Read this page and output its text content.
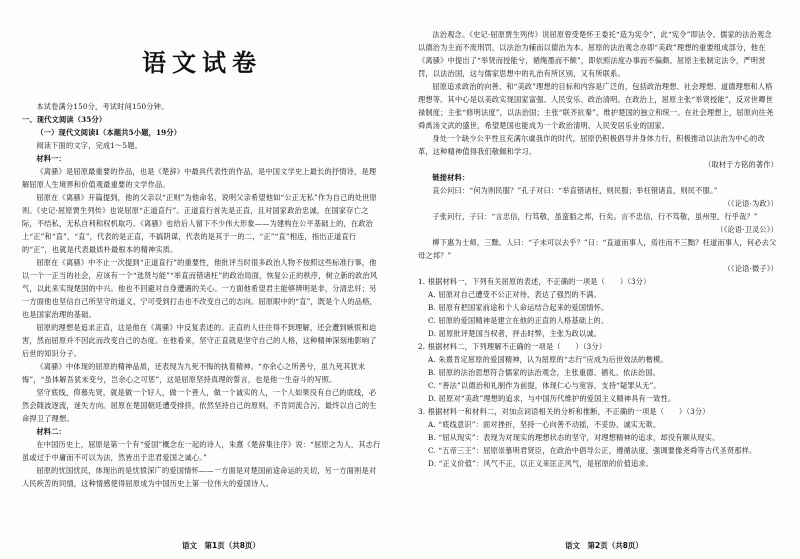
语文试卷

本试卷满分150分，考试时间150分钟。

一、现代文阅读（35分）

（一）现代文阅读Ⅰ（本题共5小题，19分）

阅读下面的文字，完成1～5题。

材料一：

《离骚》是屈原最重要的作品，也是《楚辞》中最具代表性的作品，是中国文学史上最长的抒情诗，是理解屈原人生境界和价值观最重要的文学作品。

屈原在《离骚》开篇提到，他的父亲以“正则”为他命名，说明父亲希望他如“公正无私”作为自己的处世原则。《史记·屈原贾生列传》也说屈原“正道直行”。正道直行首先是正直，且对国家政治忠诚，在国家存亡之际，不结私，无私自利和权机取巧。《离骚》也给后人留下不少伟大形象——为建构在公平基础上的，在政治上“正”和“直”，“直”，代表的是正直，不搞阴谋，代表的是其于一的二，“正”“直”相连，指出正道直行的“正”，也就是代表最质朴最根本的精神实质。

屈原在《离骚》中不止一次提到“正道直行”的重要性，他批评当时很多政治人物不按照这些标准行事，他以一个一正当的社会，应该有一个“选贤与能”“举直而错诸枉”的政治局面，恢复公正的秩序，树立新的政治风气，以此来实现楚国的中兴。他也不回避对自身遭遇的关心。一方面他希望君主能够辨明是非，分清忠奸；另一方面他也坚信自己所坚守的道义，宁可受到打击也不改变自己的志向。屈原眼中的“直”，既是个人的品格，也是国家治理的基础。

屈原的理想是追求正直，这是他在《离骚》中反复表述的。正直的人往往得不到理解，还会遭到嫉恨和迫害，然而屈原并不因此而改变自己的态度。在他看来，坚守正直就是坚守自己的人格，这种精神深刻地影响了后世的知识分子。

《离骚》中体现的屈原的精神品质，还表现为九死不悔的执着精神。“亦余心之所善兮，虽九死其犹未悔”，“虽体解吾犹未变兮，岂余心之可惩”，这是屈原坚持真理的誓言，也是他一生奋斗的写照。

坚守底线，仰慕先贤，就是做一个好人，做一个善人，做一个诚实的人，一个人如果没有自己的底线，必然会随波逐流，迷失方向。屈原在楚国朝廷遭受排挤，依然坚持自己的原则，不肯同流合污，最终以自己的生命捍卫了理想。

材料二：

在中国历史上，屈原是第一个有“爱国”概念在一起的诗人，朱熹《楚辞集注序》说：“屈原之为人，其志行虽或过于中庸而不可以为法，然皆出于忠君爱国之诚心。”

屈原的忧国忧民，体现出的是忧愤深广的爱国情怀——一方面是对楚国前途命运的关切，另一方面则是对人民疾苦的同情，这种情感使得屈原成为中国历史上第一位伟大的爱国诗人。

法治观念。《史记·屈原贾生列传》说屈原曾受楚怀王委托“造为宪令”，此“宪令”即法令。儒家的法治观念以德治为主而不废刑罚，以法治为辅而以德治为本。屈原的法治观念亦即“美政”理想的重要组成部分，他在《离骚》中提出了“举贤而授能兮，循绳墨而不颇”，即依照法度办事而不偏颇。屈原主张制定法令，严明赏罚，以法治国，这与儒家思想中的礼治有所区别，又有所联系。

屈原追求政治的向善、和“美政”理想的目标和内容是广泛的，包括政治理想、社会理想、道德理想和人格理想等。其中心是以美政实现国家富强、人民安乐、政治清明。在政治上，屈原主张“举贤授能”，反对世卿世禄制度；主张“修明法度”，以法治国；主张“联齐抗秦”，维护楚国的独立和统一。在社会理想上，屈原向往尧舜禹汤文武的盛世，希望楚国也能成为一个政治清明、人民安居乐业的国家。

身处一个缺少公平性且充满尔虞我诈的时代，屈原仍积极倡导并身体力行，积极推动以法治为中心的改革，这种精神值得我们敬佩和学习。

（取材于方铭的著作）

链接材料：

哀公问曰：“何为则民服？”孔子对曰：“举直错诸枉，则民服；举枉错诸直，则民不服。”

（《论语·为政》）

子张问行，子曰：“言忠信，行笃敬，虽蛮貊之邦，行矣。言不忠信，行不笃敬，虽州里，行乎哉？”

（《论语·卫灵公》）

柳下惠为士师，三黜。人曰：“子未可以去乎？”曰：“直道而事人，焉往而不三黜？枉道而事人，何必去父母之邦？”

（《论语·微子》）

1. 根据材料一，下列有关屈原的表述，不正确的一项是（　　）（3分）

A. 屈原对自己遭受不公正对待，表达了强烈的不满。

B. 屈原有把国家前途和个人命运结合起来的爱国情怀。

C. 屈原的爱国精神是建立在他的正直的人格基础上的。

D. 屈原批评楚国当权者，抨击时弊，主张为政以诚。

2. 根据材料二，下列理解不正确的一项是（　　）（3分）

A. 朱熹肯定屈原的爱国精神，认为屈原的“志行”应成为后世效法的楷模。

B. 屈原的法治思想符合儒家的法治观念，主张重德、循礼、依法治国。

C. “善法”以德治和礼制作为前提，体现仁心与宽容，支持“疑罪从无”。

D. 屈原对“美政”理想的追求，与中国历代维护的爱国主义精神具有一致性。

3. 根据材料一和材料二，对加点词语相关的分析和推断，不正确的一项是（　　）（3分）

A. “底线意识”：面对挫折，坚持一心向善不动摇，不妥协，诚实无欺。

B. “屈从现实”：表现为对现实的理想状态的坚守，对理想精神的追求，却没有顺从现实。

C. “五帝三王”：屈原崇慕明君贤臣，在政治中倡导公正，遵循法度，强调要像尧舜等古代圣贤那样。

D. “正义价值”：风气不正，以正义来匡正风气，是屈原的价值追求。

语文　第1页（共8页）	语文　第2页（共8页）
